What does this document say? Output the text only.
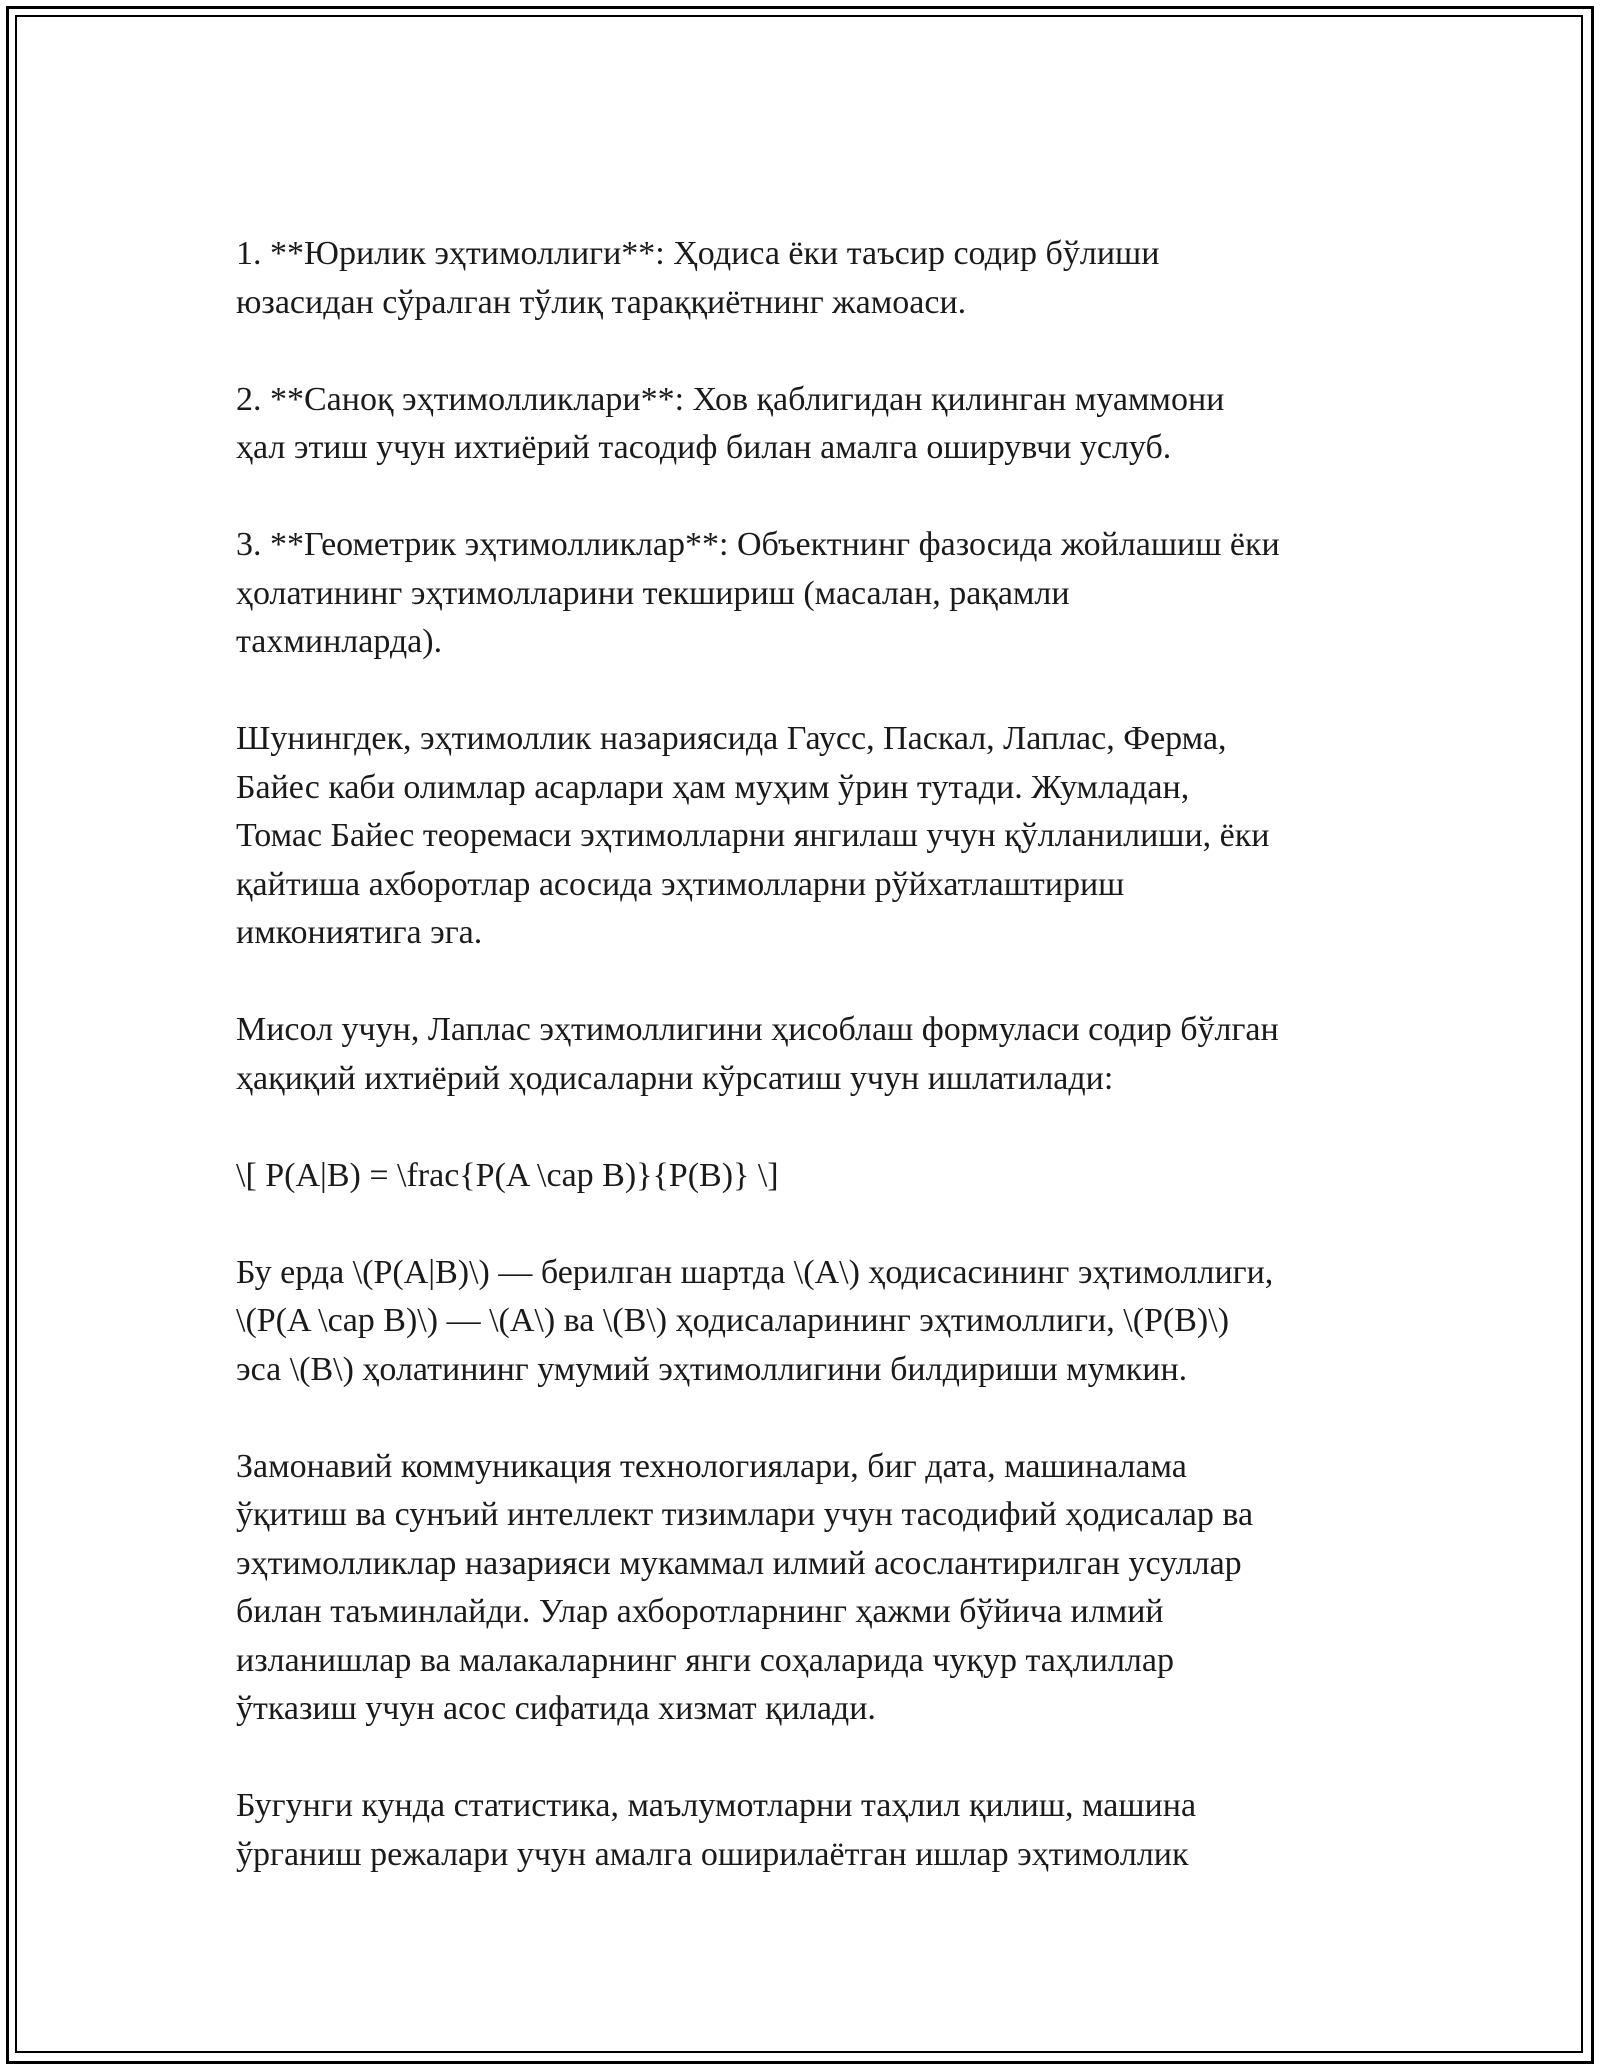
1. **Юрилик эҳтимоллиги**: Ҳодиса ёки таъсир содир бўлиши
юзасидан сўралган тўлиқ тараққиётнинг жамоаси.

2. **Саноқ эҳтимолликлари**: Хов қаблигидан қилинган муаммони
ҳал этиш учун ихтиёрий тасодиф билан амалга оширувчи услуб.

3. **Геометрик эҳтимолликлар**: Объектнинг фазосида жойлашиш ёки
ҳолатининг эҳтимолларини текшириш (масалан, рақамли
тахминларда).

Шунингдек, эҳтимоллик назариясида Гаусс, Паскал, Лаплас, Ферма,
Байес каби олимлар асарлари ҳам муҳим ўрин тутади. Жумладан,
Томас Байес теоремаси эҳтимолларни янгилаш учун қўлланилиши, ёки
қайтиша ахборотлар асосида эҳтимолларни рўйхатлаштириш
имкониятига эга.

Мисол учун, Лаплас эҳтимоллигини ҳисоблаш формуласи содир бўлган
ҳақиқий ихтиёрий ҳодисаларни кўрсатиш учун ишлатилади:

\[ P(A|B) = \frac{P(A \cap B)}{P(B)} \]

Бу ерда \(P(A|B)\) — берилган шартда \(A\) ҳодисасининг эҳтимоллиги,
\(P(A \cap B)\) — \(A\) ва \(B\) ҳодисаларининг эҳтимоллиги, \(P(B)\)
эса \(B\) ҳолатининг умумий эҳтимоллигини билдириши мумкин.

Замонавий коммуникация технологиялари, биг дата, машиналама
ўқитиш ва сунъий интеллект тизимлари учун тасодифий ҳодисалар ва
эҳтимолликлар назарияси мукаммал илмий асослантирилган усуллар
билан таъминлайди. Улар ахборотларнинг ҳажми бўйича илмий
изланишлар ва малакаларнинг янги соҳаларида чуқур таҳлиллар
ўтказиш учун асос сифатида хизмат қилади.

Бугунги кунда статистика, маълумотларни таҳлил қилиш, машина
ўрганиш режалари учун амалга оширилаётган ишлар эҳтимоллик
